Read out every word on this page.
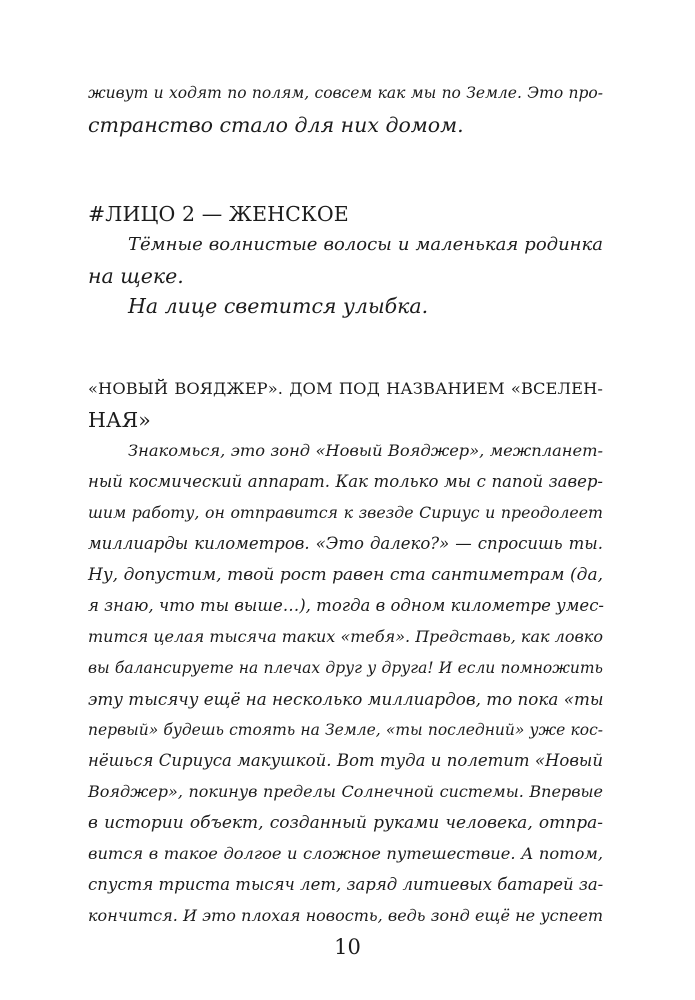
живут и ходят по полям, совсем как мы по Земле. Это про-
странство стало для них домом.
#ЛИЦО 2 — ЖЕНСКОЕ
Тёмные волнистые волосы и маленькая родинка
на щеке.
На лице светится улыбка.
«НОВЫЙ ВОЯДЖЕР». ДОМ ПОД НАЗВАНИЕМ «ВСЕЛЕН-
НАЯ»
Знакомься, это зонд «Новый Вояджер», межпланет-
ный космический аппарат. Как только мы с папой завер-
шим работу, он отправится к звезде Сириус и преодолеет
миллиарды километров. «Это далеко?» — спросишь ты.
Ну, допустим, твой рост равен ста сантиметрам (да,
я знаю, что ты выше…), тогда в одном километре умес-
тится целая тысяча таких «тебя». Представь, как ловко
вы балансируете на плечах друг у друга! И если помножить
эту тысячу ещё на несколько миллиардов, то пока «ты
первый» будешь стоять на Земле, «ты последний» уже кос-
нёшься Сириуса макушкой. Вот туда и полетит «Новый
Вояджер», покинув пределы Солнечной системы. Впервые
в истории объект, созданный руками человека, отпра-
вится в такое долгое и сложное путешествие. А потом,
спустя триста тысяч лет, заряд литиевых батарей за-
кончится. И это плохая новость, ведь зонд ещё не успеет
10
